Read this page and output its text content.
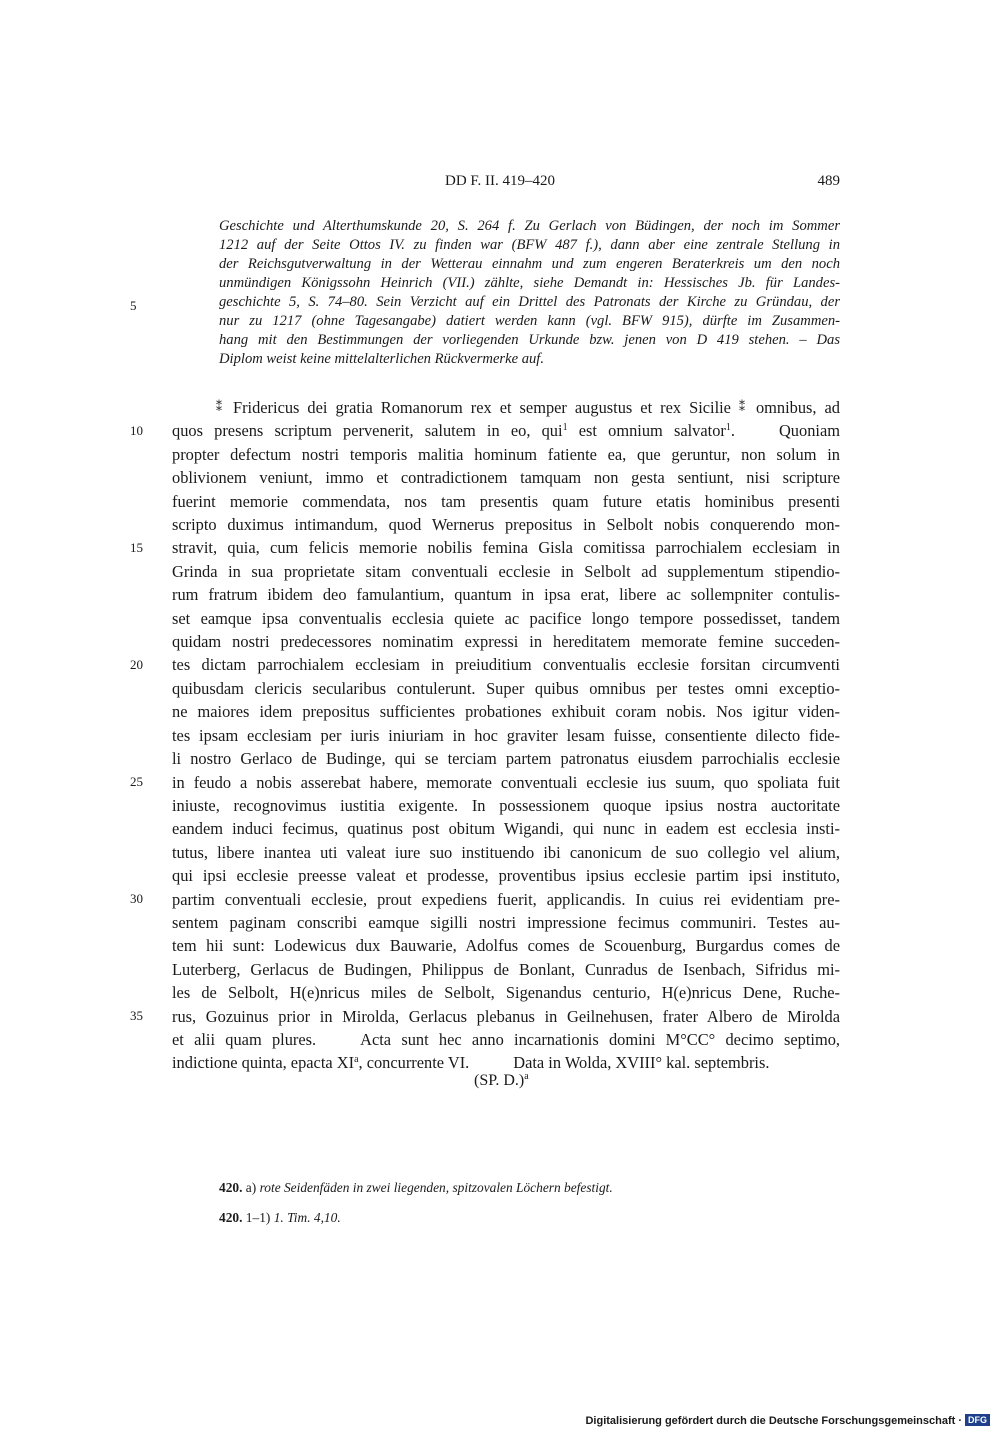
DD F. II. 419–420	489
5
10
15
20
25
30
35
Geschichte und Alterthumskunde 20, S. 264 f. Zu Gerlach von Büdingen, der noch im Sommer
1212 auf der Seite Ottos IV. zu finden war (BFW 487 f.), dann aber eine zentrale Stellung in
der Reichsgutverwaltung in der Wetterau einnahm und zum engeren Beraterkreis um den noch
unmündigen Königssohn Heinrich (VII.) zählte, siehe Demandt in: Hessisches Jb. für Landes-
geschichte 5, S. 74–80. Sein Verzicht auf ein Drittel des Patronats der Kirche zu Gründau, der
nur zu 1217 (ohne Tagesangabe) datiert werden kann (vgl. BFW 915), dürfte im Zusammen-
hang mit den Bestimmungen der vorliegenden Urkunde bzw. jenen von D 419 stehen. – Das
Diplom weist keine mittelalterlichen Rückvermerke auf.
⁑ Fridericus dei gratia Romanorum rex et semper augustus et rex Sicilie ⁑ omnibus, ad
quos presens scriptum pervenerit, salutem in eo, qui$^1$ est omnium salvator$^1$.	Quoniam
propter defectum nostri temporis malitia hominum fatiente ea, que geruntur, non solum in
oblivionem veniunt, immo et contradictionem tamquam non gesta sentiunt, nisi scripture
fuerint memorie commendata, nos tam presentis quam future etatis hominibus presenti
scripto duximus intimandum, quod Wernerus prepositus in Selbolt nobis conquerendo mon-
stravit, quia, cum felicis memorie nobilis femina Gisla comitissa parrochialem ecclesiam in
Grinda in sua proprietate sitam conventuali ecclesie in Selbolt ad supplementum stipendio-
rum fratrum ibidem deo famulantium, quantum in ipsa erat, libere ac sollempniter contulis-
set eamque ipsa conventualis ecclesia quiete ac pacifice longo tempore possedisset, tandem
quidam nostri predecessores nominatim expressi in hereditatem memorate femine succeden-
tes dictam parrochialem ecclesiam in preiuditium conventualis ecclesie forsitan circumventi
quibusdam clericis secularibus contulerunt. Super quibus omnibus per testes omni exceptio-
ne maiores idem prepositus sufficientes probationes exhibuit coram nobis. Nos igitur viden-
tes ipsam ecclesiam per iuris iniuriam in hoc graviter lesam fuisse, consentiente dilecto fide-
li nostro Gerlaco de Budinge, qui se terciam partem patronatus eiusdem parrochialis ecclesie
in feudo a nobis asserebat habere, memorate conventuali ecclesie ius suum, quo spoliata fuit
iniuste, recognovimus iustitia exigente. In possessionem quoque ipsius nostra auctoritate
eandem induci fecimus, quatinus post obitum Wigandi, qui nunc in eadem est ecclesia insti-
tutus, libere inantea uti valeat iure suo instituendo ibi canonicum de suo collegio vel alium,
qui ipsi ecclesie preesse valeat et prodesse, proventibus ipsius ecclesie partim ipsi instituto,
partim conventuali ecclesie, prout expediens fuerit, applicandis. In cuius rei evidentiam pre-
sentem paginam conscribi eamque sigilli nostri impressione fecimus communiri. Testes au-
tem hii sunt: Lodewicus dux Bauwarie, Adolfus comes de Scouenburg, Burgardus comes de
Luterberg, Gerlacus de Budingen, Philippus de Bonlant, Cunradus de Isenbach, Sifridus mi-
les de Selbolt, H(e)nricus miles de Selbolt, Sigenandus centurio, H(e)nricus Dene, Ruche-
rus, Gozuinus prior in Mirolda, Gerlacus plebanus in Geilnehusen, frater Albero de Mirolda
et alii quam plures.	Acta sunt hec anno incarnationis domini M°CC° decimo septimo,
indictione quinta, epacta $XI^a$, concurrente VI.	Data in Wolda, XVIII° kal. septembris.
(SP. D.)$^a$
420. a) rote Seidenfäden in zwei liegenden, spitzovalen Löchern befestigt.
420. 1–1) 1. Tim. 4,10.
Digitalisierung gefördert durch die Deutsche Forschungsgemeinschaft · DFG
